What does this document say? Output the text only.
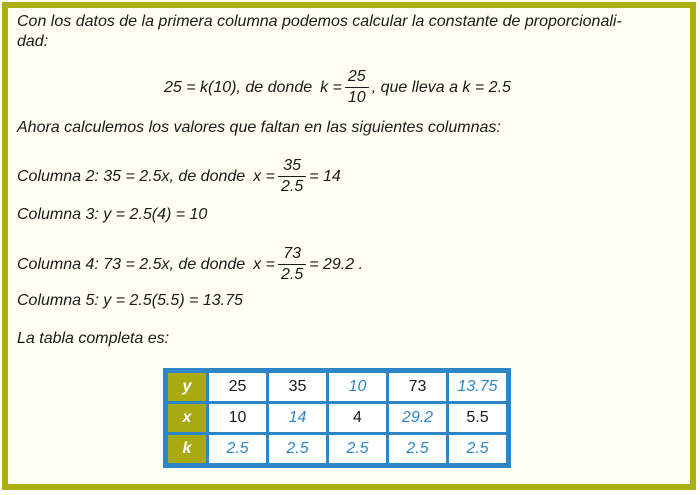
Con los datos de la primera columna podemos calcular la constante de proporcionali-
dad:
25 = k(10), de donde $k = \frac{25}{10}$ , que lleva a k = 2.5
Ahora calculemos los valores que faltan en las siguientes columnas:
Columna 2: 35 = 2.5x, de donde $x = \frac{35}{2.5} = 14$
Columna 3: y = 2.5(4) = 10
Columna 4: 73 = 2.5x, de donde $x = \frac{73}{2.5} = 29.2$ .
Columna 5: y = 2.5(5.5) = 13.75
La tabla completa es:
y	25	35	10	73	13.75
x	10	14	4	29.2	5.5
k	2.5	2.5	2.5	2.5	2.5
